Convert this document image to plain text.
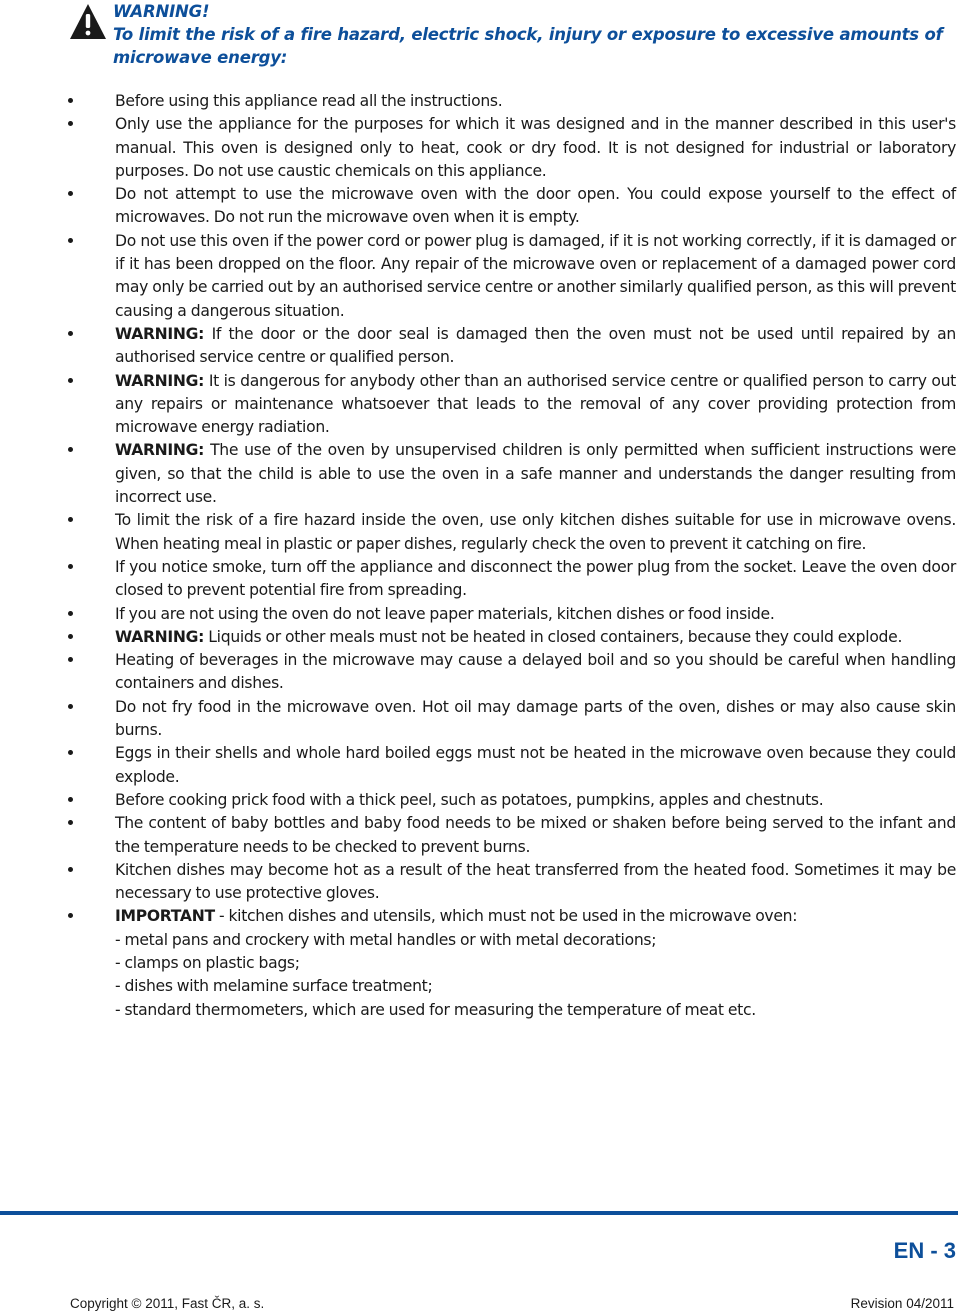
WARNING!
To limit the risk of a fire hazard, electric shock, injury or exposure to excessive amounts of microwave energy:
Before using this appliance read all the instructions.
Only use the appliance for the purposes for which it was designed and in the manner described in this user's manual. This oven is designed only to heat, cook or dry food. It is not designed for industrial or laboratory purposes. Do not use caustic chemicals on this appliance.
Do not attempt to use the microwave oven with the door open. You could expose yourself to the effect of microwaves. Do not run the microwave oven when it is empty.
Do not use this oven if the power cord or power plug is damaged, if it is not working correctly, if it is damaged or if it has been dropped on the floor. Any repair of the microwave oven or replacement of a damaged power cord may only be carried out by an authorised service centre or another similarly qualified person, as this will prevent causing a dangerous situation.
WARNING: If the door or the door seal is damaged then the oven must not be used until repaired by an authorised service centre or qualified person.
WARNING: It is dangerous for anybody other than an authorised service centre or qualified person to carry out any repairs or maintenance whatsoever that leads to the removal of any cover providing protection from microwave energy radiation.
WARNING: The use of the oven by unsupervised children is only permitted when sufficient instructions were given, so that the child is able to use the oven in a safe manner and understands the danger resulting from incorrect use.
To limit the risk of a fire hazard inside the oven, use only kitchen dishes suitable for use in microwave ovens. When heating meal in plastic or paper dishes, regularly check the oven to prevent it catching on fire.
If you notice smoke, turn off the appliance and disconnect the power plug from the socket. Leave the oven door closed to prevent potential fire from spreading.
If you are not using the oven do not leave paper materials, kitchen dishes or food inside.
WARNING: Liquids or other meals must not be heated in closed containers, because they could explode.
Heating of beverages in the microwave may cause a delayed boil and so you should be careful when handling containers and dishes.
Do not fry food in the microwave oven. Hot oil may damage parts of the oven, dishes or may also cause skin burns.
Eggs in their shells and whole hard boiled eggs must not be heated in the microwave oven because they could explode.
Before cooking prick food with a thick peel, such as potatoes, pumpkins, apples and chestnuts.
The content of baby bottles and baby food needs to be mixed or shaken before being served to the infant and the temperature needs to be checked to prevent burns.
Kitchen dishes may become hot as a result of the heat transferred from the heated food. Sometimes it may be necessary to use protective gloves.
IMPORTANT - kitchen dishes and utensils, which must not be used in the microwave oven:
- metal pans and crockery with metal handles or with metal decorations;
- clamps on plastic bags;
- dishes with melamine surface treatment;
- standard thermometers, which are used for measuring the temperature of meat etc.
EN - 3
Copyright © 2011, Fast ČR, a. s.	Revision 04/2011
